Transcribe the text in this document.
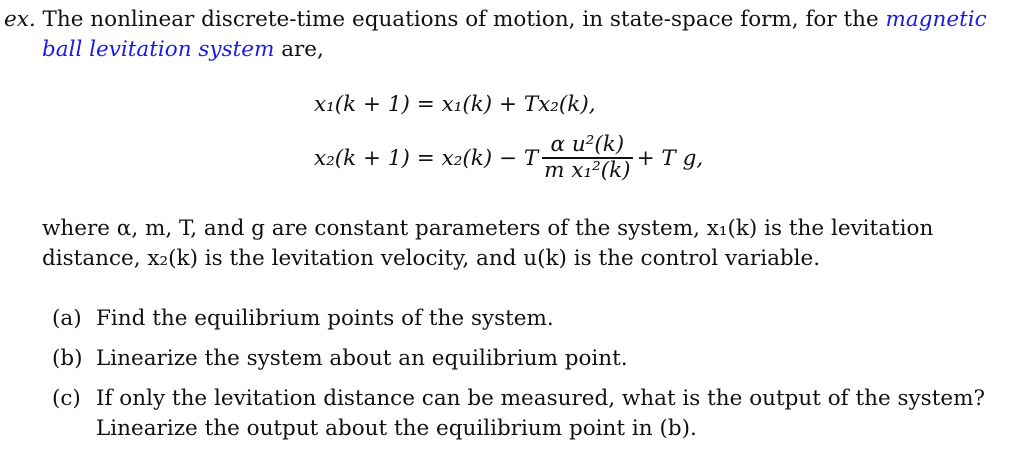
ex. The nonlinear discrete-time equations of motion, in state-space form, for the magnetic
ball levitation system are,

x₁(k + 1) = x₁(k) + Tx₂(k),
x₂(k + 1) = x₂(k) − T $\frac{\text{α u²(k)}}{\text{m x₁²(k)}} + T$ g,

where α, m, T, and g are constant parameters of the system, x₁(k) is the levitation
distance, x₂(k) is the levitation velocity, and u(k) is the control variable.

(a) Find the equilibrium points of the system.
(b) Linearize the system about an equilibrium point.
(c) If only the levitation distance can be measured, what is the output of the system?
Linearize the output about the equilibrium point in (b).
